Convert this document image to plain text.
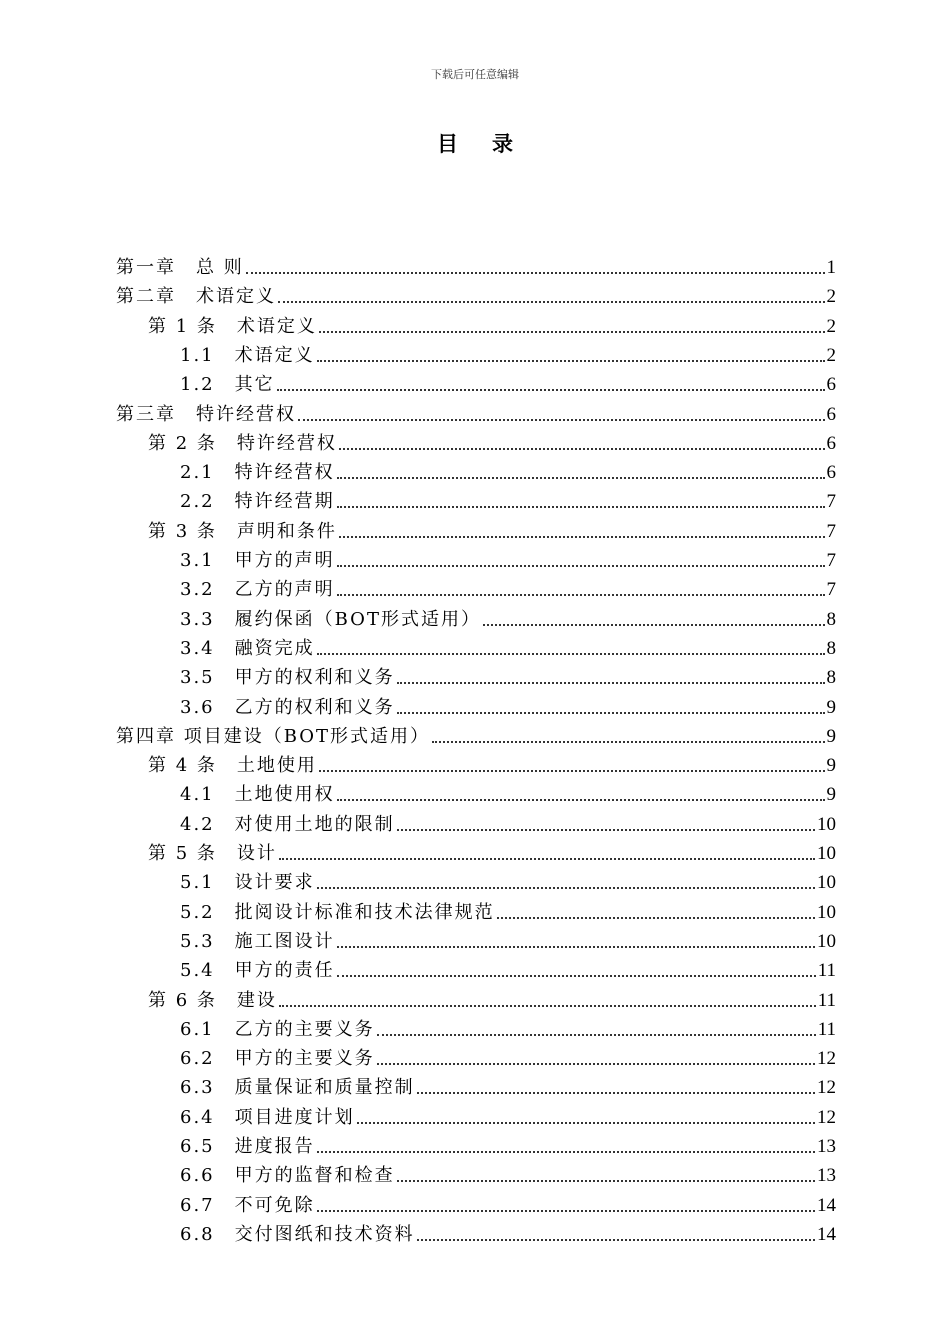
下载后可任意编辑
目录
第一章　总 则	1
第二章　术语定义	2
第 1 条　术语定义	2
1.1　术语定义	2
1.2　其它	6
第三章　特许经营权	6
第 2 条　特许经营权	6
2.1　特许经营权	6
2.2　特许经营期	7
第 3 条　声明和条件	7
3.1　甲方的声明	7
3.2　乙方的声明	7
3.3　履约保函（BOT形式适用）	8
3.4　融资完成	8
3.5　甲方的权利和义务	8
3.6　乙方的权利和义务	9
第四章 项目建设（BOT形式适用）	9
第 4 条　土地使用	9
4.1　土地使用权	9
4.2　对使用土地的限制	10
第 5 条　设计	10
5.1　设计要求	10
5.2　批阅设计标准和技术法律规范	10
5.3　施工图设计	10
5.4　甲方的责任	11
第 6 条　建设	11
6.1　乙方的主要义务	11
6.2　甲方的主要义务	12
6.3　质量保证和质量控制	12
6.4　项目进度计划	12
6.5　进度报告	13
6.6　甲方的监督和检查	13
6.7　不可免除	14
6.8　交付图纸和技术资料	14
